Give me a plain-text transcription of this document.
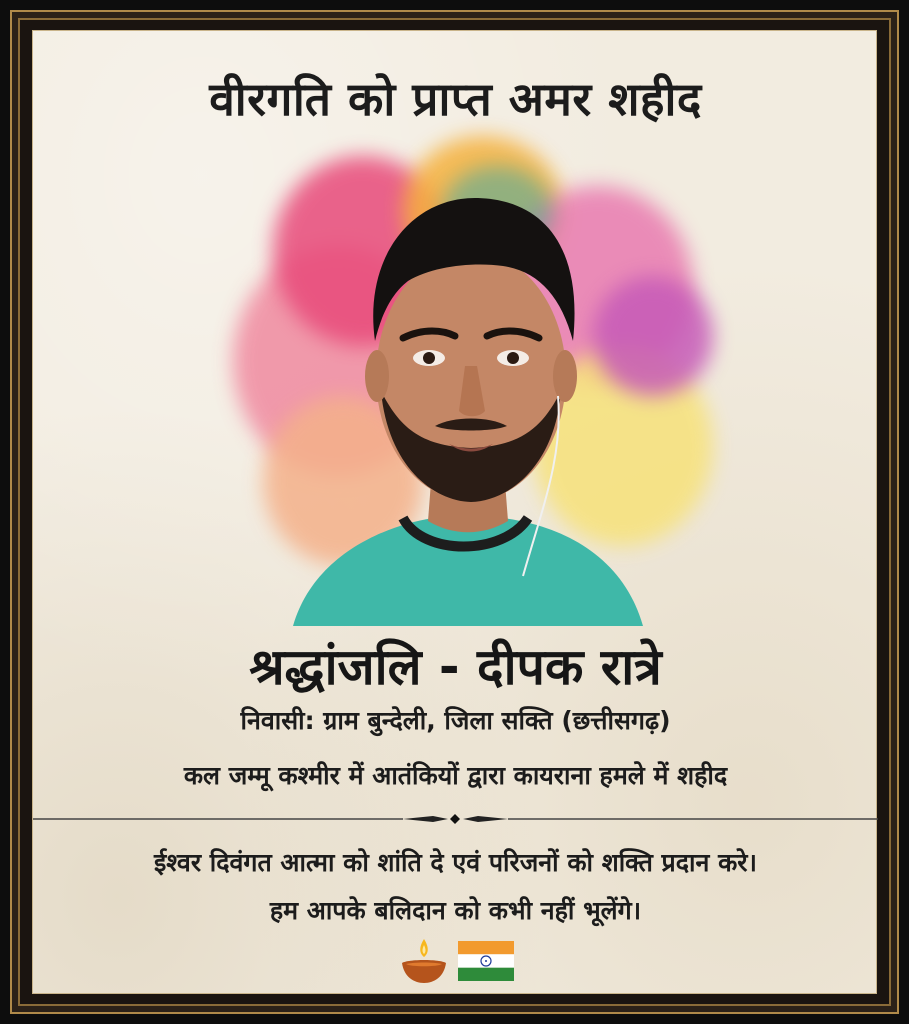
वीरगति को प्राप्त अमर शहीद
श्रद्धांजलि - दीपक रात्रे
निवासी: ग्राम बुन्देली, जिला सक्ति (छत्तीसगढ़)
कल जम्मू कश्मीर में आतंकियों द्वारा कायराना हमले में शहीद
ईश्वर दिवंगत आत्मा को शांति दे एवं परिजनों को शक्ति प्रदान करे।
हम आपके बलिदान को कभी नहीं भूलेंगे।
